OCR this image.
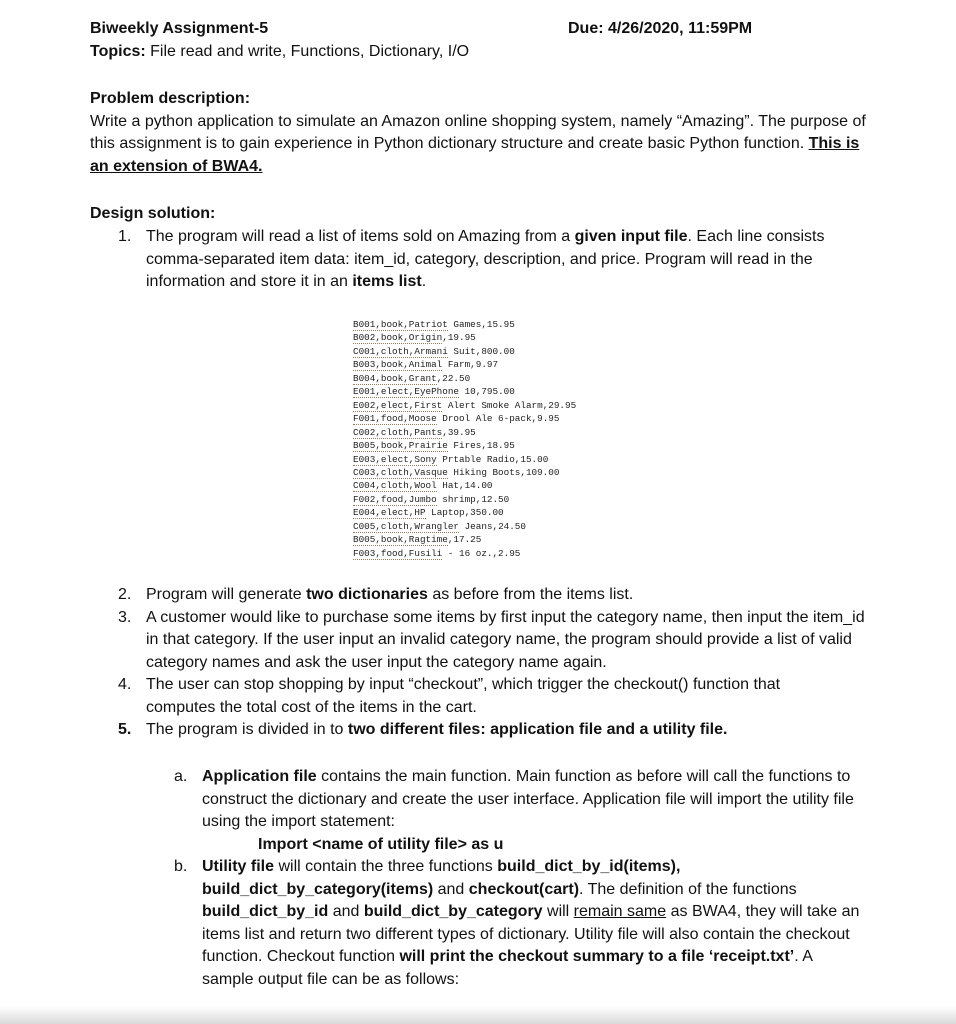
Biweekly Assignment-5	Due: 4/26/2020, 11:59PM
Topics: File read and write, Functions, Dictionary, I/O
Problem description:
Write a python application to simulate an Amazon online shopping system, namely “Amazing”. The purpose of this assignment is to gain experience in Python dictionary structure and create basic Python function. This is an extension of BWA4.
Design solution:
1. The program will read a list of items sold on Amazing from a given input file. Each line consists comma-separated item data: item_id, category, description, and price. Program will read in the information and store it in an items list.
B001,book,Patriot Games,15.95
B002,book,Origin,19.95
C001,cloth,Armani Suit,800.00
B003,book,Animal Farm,9.97
B004,book,Grant,22.50
E001,elect,EyePhone 10,795.00
E002,elect,First Alert Smoke Alarm,29.95
F001,food,Moose Drool Ale 6-pack,9.95
C002,cloth,Pants,39.95
B005,book,Prairie Fires,18.95
E003,elect,Sony Prtable Radio,15.00
C003,cloth,Vasque Hiking Boots,109.00
C004,cloth,Wool Hat,14.00
F002,food,Jumbo shrimp,12.50
E004,elect,HP Laptop,350.00
C005,cloth,Wrangler Jeans,24.50
B005,book,Ragtime,17.25
F003,food,Fusili - 16 oz.,2.95
2. Program will generate two dictionaries as before from the items list.
3. A customer would like to purchase some items by first input the category name, then input the item_id in that category. If the user input an invalid category name, the program should provide a list of valid category names and ask the user input the category name again.
4. The user can stop shopping by input “checkout”, which trigger the checkout() function that computes the total cost of the items in the cart.
5. The program is divided in to two different files: application file and a utility file.
a. Application file contains the main function. Main function as before will call the functions to construct the dictionary and create the user interface. Application file will import the utility file using the import statement:
Import <name of utility file> as u
b. Utility file will contain the three functions build_dict_by_id(items), build_dict_by_category(items) and checkout(cart). The definition of the functions build_dict_by_id and build_dict_by_category will remain same as BWA4, they will take an items list and return two different types of dictionary. Utility file will also contain the checkout function. Checkout function will print the checkout summary to a file ‘receipt.txt’. A sample output file can be as follows:
